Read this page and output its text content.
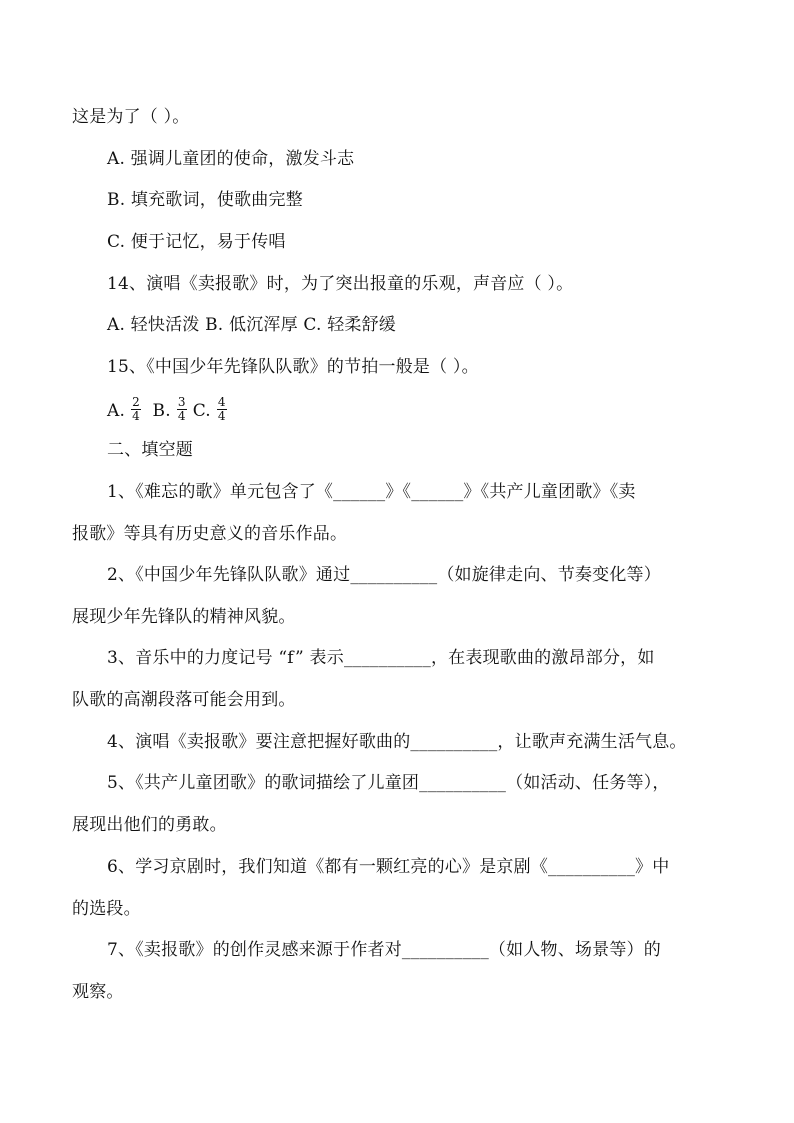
这是为了（ ）。
A. 强调儿童团的使命，激发斗志
B. 填充歌词，使歌曲完整
C. 便于记忆，易于传唱
14、演唱《卖报歌》时，为了突出报童的乐观，声音应（ ）。
A. 轻快活泼 B. 低沉浑厚 C. 轻柔舒缓
15、《中国少年先锋队队歌》的节拍一般是（ ）。
A. $\frac{2}{4} B$. $\frac{3}{4} C$. $\frac{4}{4}$
二、填空题
1、《难忘的歌》单元包含了《______》《______》《共产儿童团歌》《卖
报歌》等具有历史意义的音乐作品。
2、《中国少年先锋队队歌》通过__________（如旋律走向、节奏变化等）
展现少年先锋队的精神风貌。
3、音乐中的力度记号 “f” 表示__________，在表现歌曲的激昂部分，如
队歌的高潮段落可能会用到。
4、演唱《卖报歌》要注意把握好歌曲的__________，让歌声充满生活气息。
5、《共产儿童团歌》的歌词描绘了儿童团__________（如活动、任务等），
展现出他们的勇敢。
6、学习京剧时，我们知道《都有一颗红亮的心》是京剧《__________》中
的选段。
7、《卖报歌》的创作灵感来源于作者对__________（如人物、场景等）的
观察。
